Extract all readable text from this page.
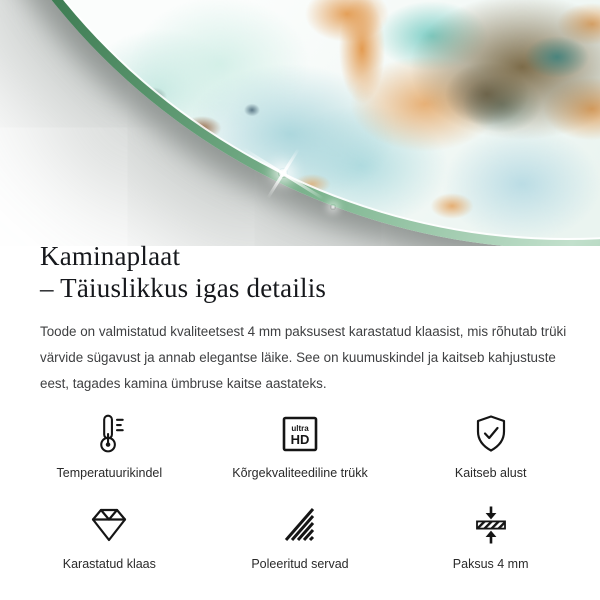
Kaminaplaat
– Täiuslikkus igas detailis

Toode on valmistatud kvaliteetsest 4 mm paksusest karastatud klaasist, mis rõhutab trüki värvide sügavust ja annab elegantse läike. See on kuumuskindel ja kaitseb kahjustuste eest, tagades kamina ümbruse kaitse aastateks.

Temperatuurikindel
ultra
HD
Kõrgekvaliteediline trükk	Kaitseb alust
Karastatud klaas	Poleeritud servad	Paksus 4 mm
